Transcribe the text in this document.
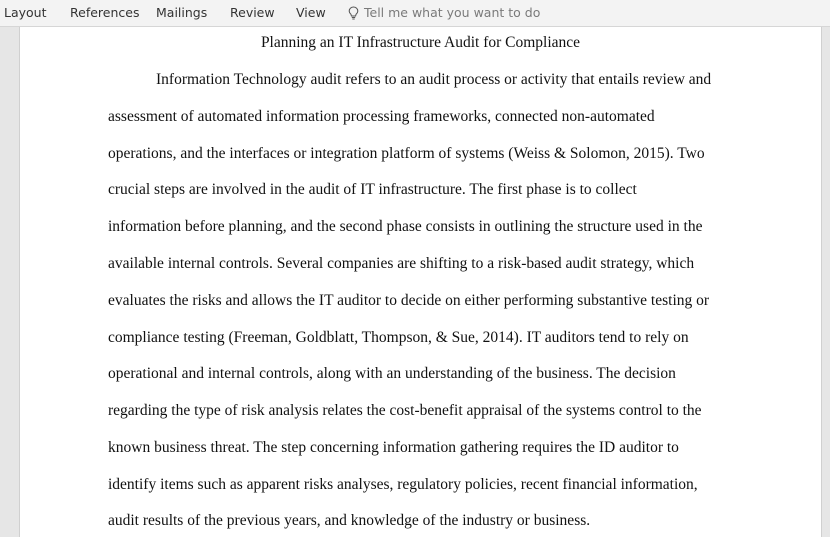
Layout References Mailings Review View	Tell me what you want to do
Planning an IT Infrastructure Audit for Compliance
Information Technology audit refers to an audit process or activity that entails review and
assessment of automated information processing frameworks, connected non-automated
operations, and the interfaces or integration platform of systems (Weiss & Solomon, 2015). Two
crucial steps are involved in the audit of IT infrastructure. The first phase is to collect
information before planning, and the second phase consists in outlining the structure used in the
available internal controls. Several companies are shifting to a risk-based audit strategy, which
evaluates the risks and allows the IT auditor to decide on either performing substantive testing or
compliance testing (Freeman, Goldblatt, Thompson, & Sue, 2014). IT auditors tend to rely on
operational and internal controls, along with an understanding of the business. The decision
regarding the type of risk analysis relates the cost-benefit appraisal of the systems control to the
known business threat. The step concerning information gathering requires the ID auditor to
identify items such as apparent risks analyses, regulatory policies, recent financial information,
audit results of the previous years, and knowledge of the industry or business.
